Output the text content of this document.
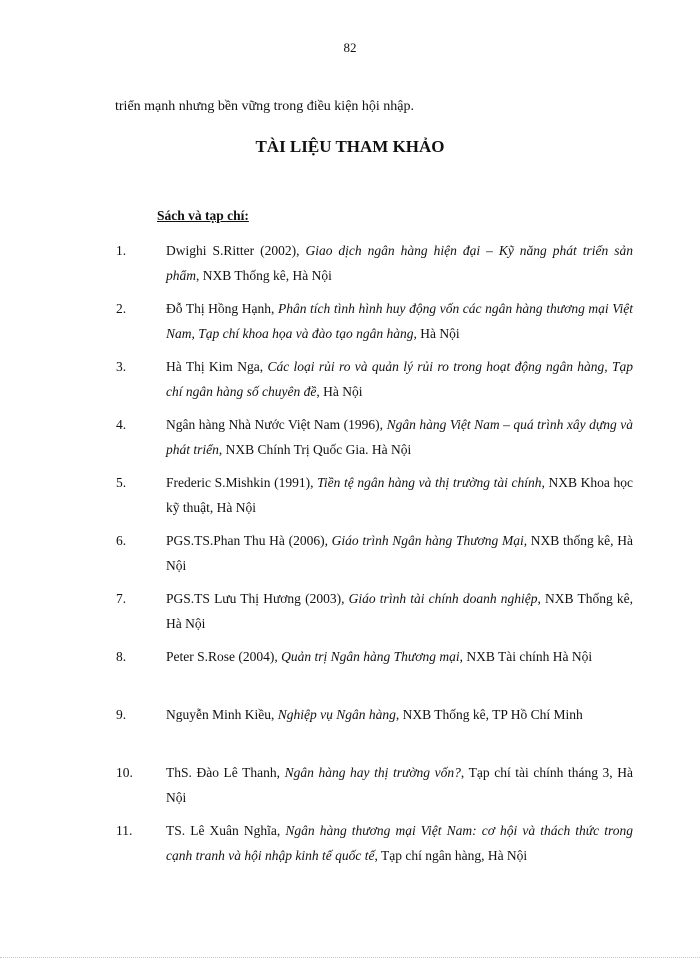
82
triển mạnh nhưng bền vững trong điều kiện hội nhập.
TÀI LIỆU THAM KHẢO
Sách và tạp chí:
1.	Dwighi S.Ritter (2002), Giao dịch ngân hàng hiện đại – Kỹ năng phát triển sản phẩm, NXB Thống kê, Hà Nội
2.	Đỗ Thị Hồng Hạnh, Phân tích tình hình huy động vốn các ngân hàng thương mại Việt Nam, Tạp chí khoa họa và đào tạo ngân hàng, Hà Nội
3.	Hà Thị Kim Nga, Các loại rủi ro và quản lý rủi ro trong hoạt động ngân hàng, Tạp chí ngân hàng số chuyên đề, Hà Nội
4.	Ngân hàng Nhà Nước Việt Nam (1996), Ngân hàng Việt Nam – quá trình xây dựng và phát triển, NXB Chính Trị Quốc Gia. Hà Nội
5.	Frederic S.Mishkin (1991), Tiền tệ ngân hàng và thị trường tài chính, NXB Khoa học kỹ thuật, Hà Nội
6.	PGS.TS.Phan Thu Hà (2006), Giáo trình Ngân hàng Thương Mại, NXB thống kê, Hà Nội
7.	PGS.TS Lưu Thị Hương (2003), Giáo trình tài chính doanh nghiệp, NXB Thống kê, Hà Nội
8.	Peter S.Rose (2004), Quản trị Ngân hàng Thương mại, NXB Tài chính Hà Nội
9.	Nguyễn Minh Kiều, Nghiệp vụ Ngân hàng, NXB Thống kê, TP Hồ Chí Minh
10. ThS. Đào Lê Thanh, Ngân hàng hay thị trường vốn?, Tạp chí tài chính tháng 3, Hà Nội
11. TS. Lê Xuân Nghĩa, Ngân hàng thương mại Việt Nam: cơ hội và thách thức trong cạnh tranh và hội nhập kinh tế quốc tế, Tạp chí ngân hàng, Hà Nội
